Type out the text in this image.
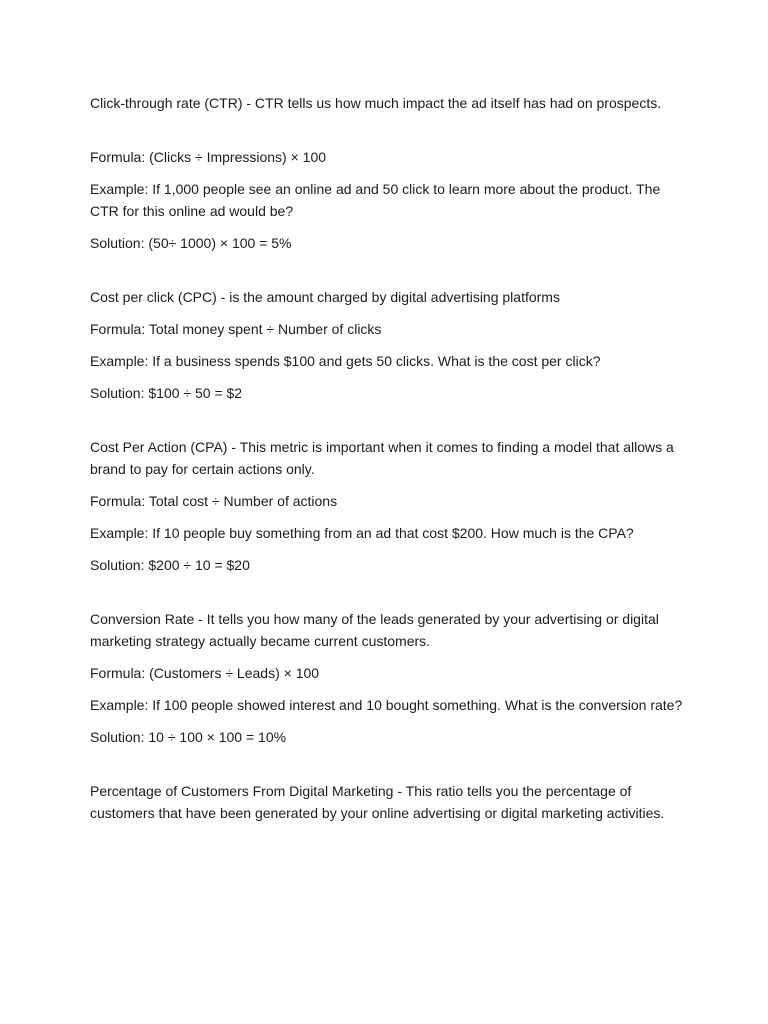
Click-through rate (CTR) - CTR tells us how much impact the ad itself has had on prospects.

Formula: (Clicks ÷ Impressions) × 100

Example: If 1,000 people see an online ad and 50 click to learn more about the product. The CTR for this online ad would be?

Solution: (50÷ 1000) × 100 = 5%

Cost per click (CPC) - is the amount charged by digital advertising platforms

Formula: Total money spent ÷ Number of clicks

Example: If a business spends $100 and gets 50 clicks. What is the cost per click?

Solution: $100 ÷ 50 = $2

Cost Per Action (CPA) - This metric is important when it comes to finding a model that allows a brand to pay for certain actions only.

Formula: Total cost ÷ Number of actions

Example: If 10 people buy something from an ad that cost $200. How much is the CPA?

Solution: $200 ÷ 10 = $20

Conversion Rate - It tells you how many of the leads generated by your advertising or digital marketing strategy actually became current customers.

Formula: (Customers ÷ Leads) × 100

Example: If 100 people showed interest and 10 bought something. What is the conversion rate?

Solution: 10 ÷ 100 × 100 = 10%

Percentage of Customers From Digital Marketing - This ratio tells you the percentage of customers that have been generated by your online advertising or digital marketing activities.
